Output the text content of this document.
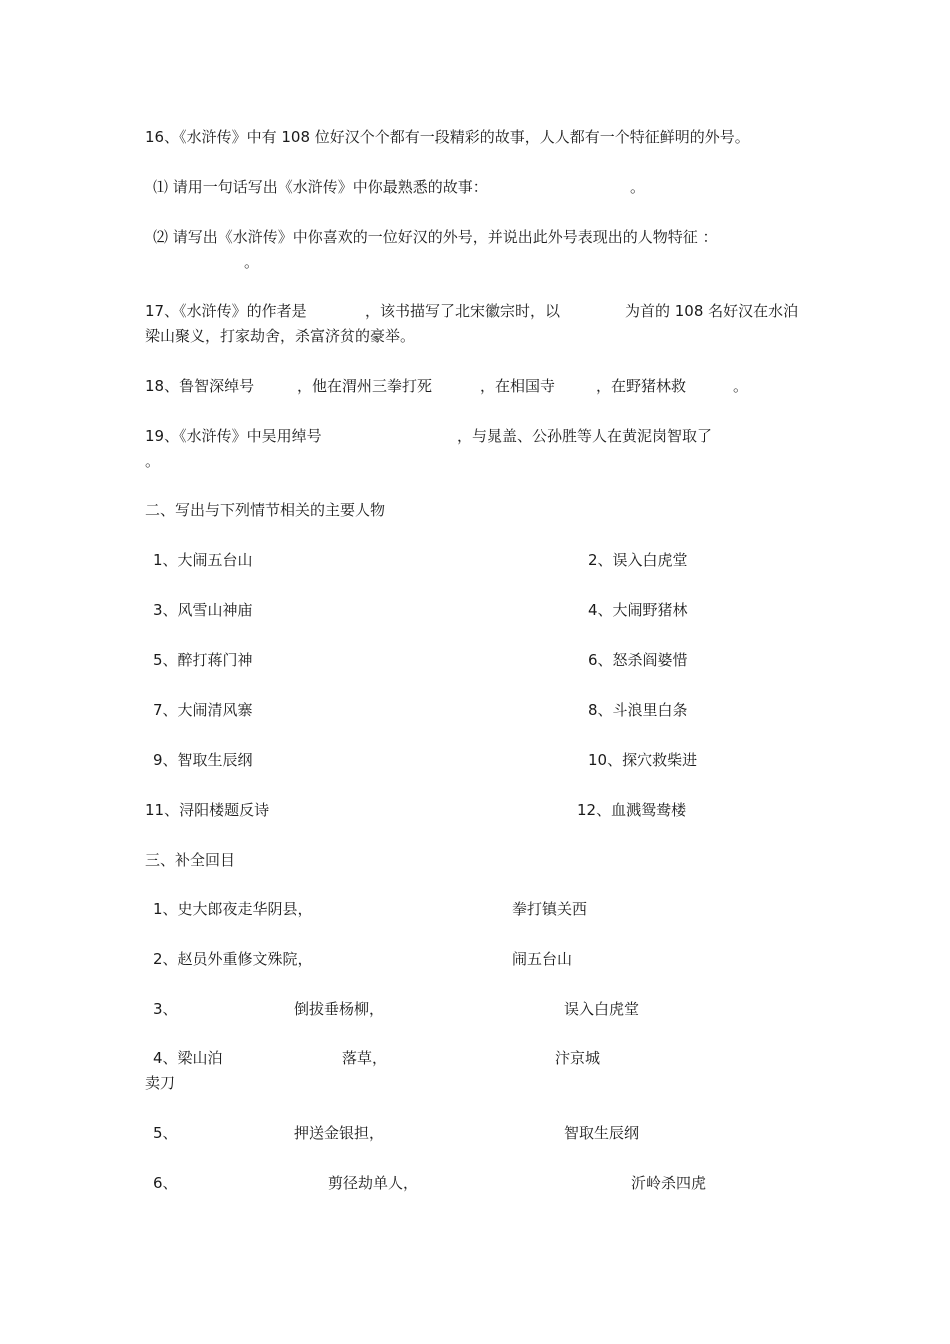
16、《水浒传》中有 108 位好汉个个都有一段精彩的故事，人人都有一个特征鲜明的外号。
⑴ 请用一句话写出《水浒传》中你最熟悉的故事：	。
⑵ 请写出《水浒传》中你喜欢的一位好汉的外号，并说出此外号表现出的人物特征 ：
。
17、《水浒传》的作者是	，该书描写了北宋徽宗时，以	为首的 108 名好汉在水泊
梁山聚义，打家劫舍，杀富济贫的豪举。
18、鲁智深绰号	，他在渭州三拳打死	，在相国寺	，在野猪林救	。
19、《水浒传》中吴用绰号	，与晁盖、公孙胜等人在黄泥岗智取了
。
二、写出与下列情节相关的主要人物
1、大闹五台山	2、误入白虎堂
3、风雪山神庙	4、大闹野猪林
5、醉打蒋门神	6、怒杀阎婆惜
7、大闹清风寨	8、斗浪里白条
9、智取生辰纲	10、探穴救柴进
11、浔阳楼题反诗	12、血溅鸳鸯楼
三、补全回目
1、史大郎夜走华阴县，	拳打镇关西
2、赵员外重修文殊院，	闹五台山
3、	倒拔垂杨柳，	误入白虎堂
4、梁山泊	落草，	汴京城
卖刀
5、	押送金银担，	智取生辰纲
6、	剪径劫单人，	沂岭杀四虎
